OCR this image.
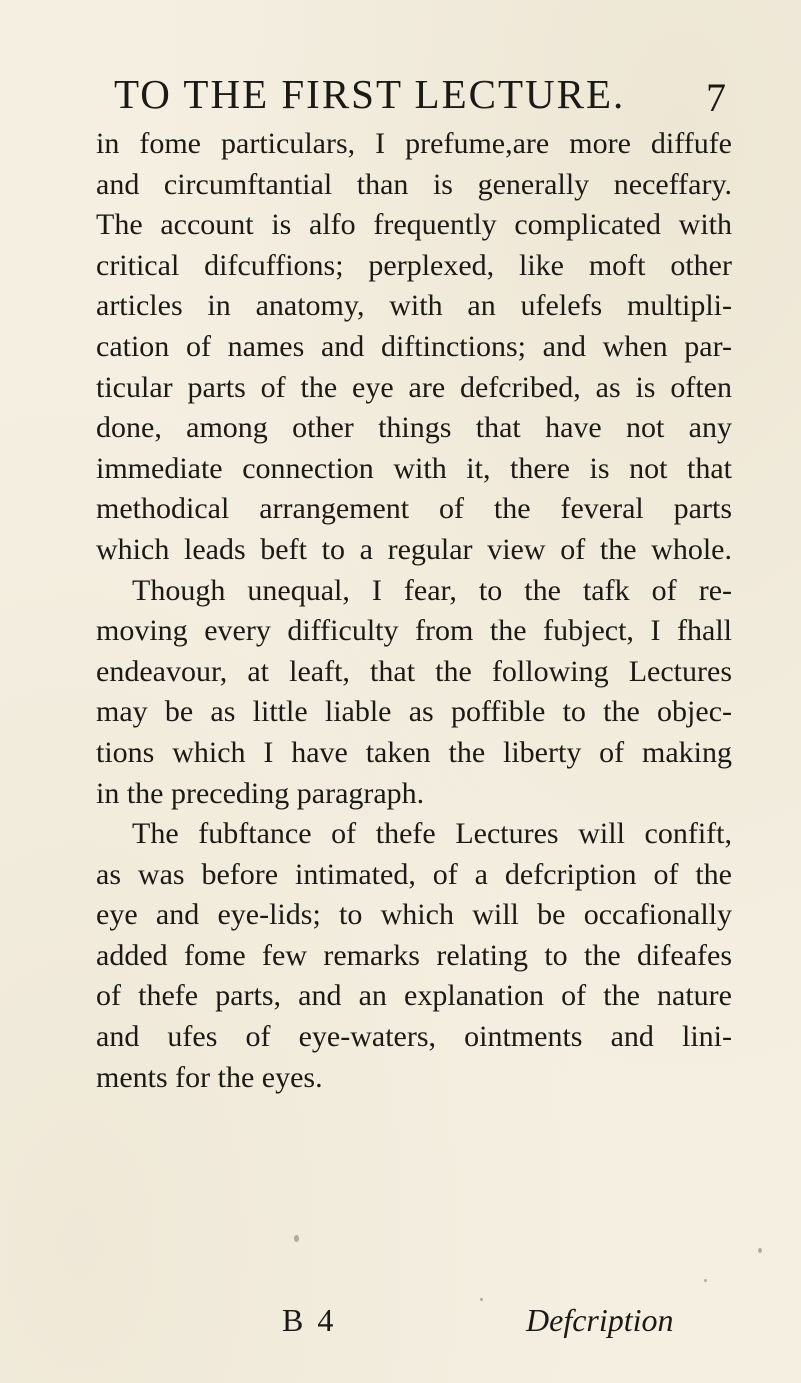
TO THE FIRST LECTURE. 7
in fome particulars, I prefume,are more diffufe
and circumftantial than is generally neceffary.
The account is alfo frequently complicated with
critical difcuffions; perplexed, like moft other
articles in anatomy, with an ufelefs multipli-
cation of names and diftinctions; and when par-
ticular parts of the eye are defcribed, as is often
done, among other things that have not any
immediate connection with it, there is not that
methodical arrangement of the feveral parts
which leads beft to a regular view of the whole.
Though unequal, I fear, to the tafk of re-
moving every difficulty from the fubject, I fhall
endeavour, at leaft, that the following Lectures
may be as little liable as poffible to the objec-
tions which I have taken the liberty of making
in the preceding paragraph.
The fubftance of thefe Lectures will confift,
as was before intimated, of a defcription of the
eye and eye-lids; to which will be occafionally
added fome few remarks relating to the difeafes
of thefe parts, and an explanation of the nature
and ufes of eye-waters, ointments and lini-
ments for the eyes.
B 4	Defcription
